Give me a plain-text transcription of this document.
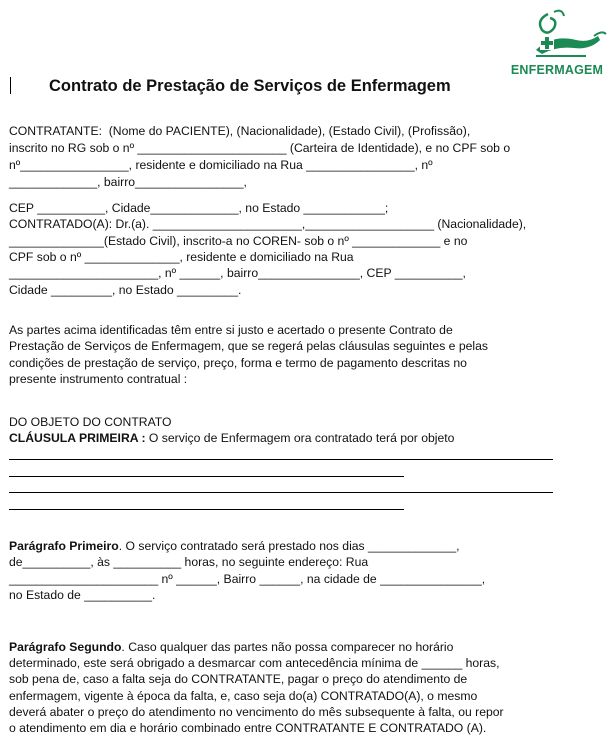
ENFERMAGEM
Contrato de Prestação de Serviços de Enfermagem
CONTRATANTE:  (Nome do PACIENTE), (Nacionalidade), (Estado Civil), (Profissão),
inscrito no RG sob o nº ______________________ (Carteira de Identidade), e no CPF sob o
nº________________, residente e domiciliado na Rua ________________, nº
_____________, bairro________________,
CEP __________, Cidade_____________, no Estado ____________;
CONTRATADO(A): Dr.(a). ______________________,___________________ (Nacionalidade),
______________(Estado Civil), inscrito-a no COREN- sob o nº _____________ e no
CPF sob o nº ______________, residente e domiciliado na Rua
______________________, nº ______, bairro_______________, CEP __________,
Cidade _________, no Estado _________.
As partes acima identificadas têm entre si justo e acertado o presente Contrato de
Prestação de Serviços de Enfermagem, que se regerá pelas cláusulas seguintes e pelas
condições de prestação de serviço, preço, forma e termo de pagamento descritas no
presente instrumento contratual :
DO OBJETO DO CONTRATO
CLÁUSULA PRIMEIRA : O serviço de Enfermagem ora contratado terá por objeto
Parágrafo Primeiro. O serviço contratado será prestado nos dias _____________,
de__________, às __________ horas, no seguinte endereço: Rua
______________________ nº ______, Bairro ______, na cidade de _______________,
no Estado de __________.
Parágrafo Segundo. Caso qualquer das partes não possa comparecer no horário
determinado, este será obrigado a desmarcar com antecedência mínima de ______ horas,
sob pena de, caso a falta seja do CONTRATANTE, pagar o preço do atendimento de
enfermagem, vigente à época da falta, e, caso seja do(a) CONTRATADO(A), o mesmo
deverá abater o preço do atendimento no vencimento do mês subsequente à falta, ou repor
o atendimento em dia e horário combinado entre CONTRATANTE E CONTRATADO (A).
